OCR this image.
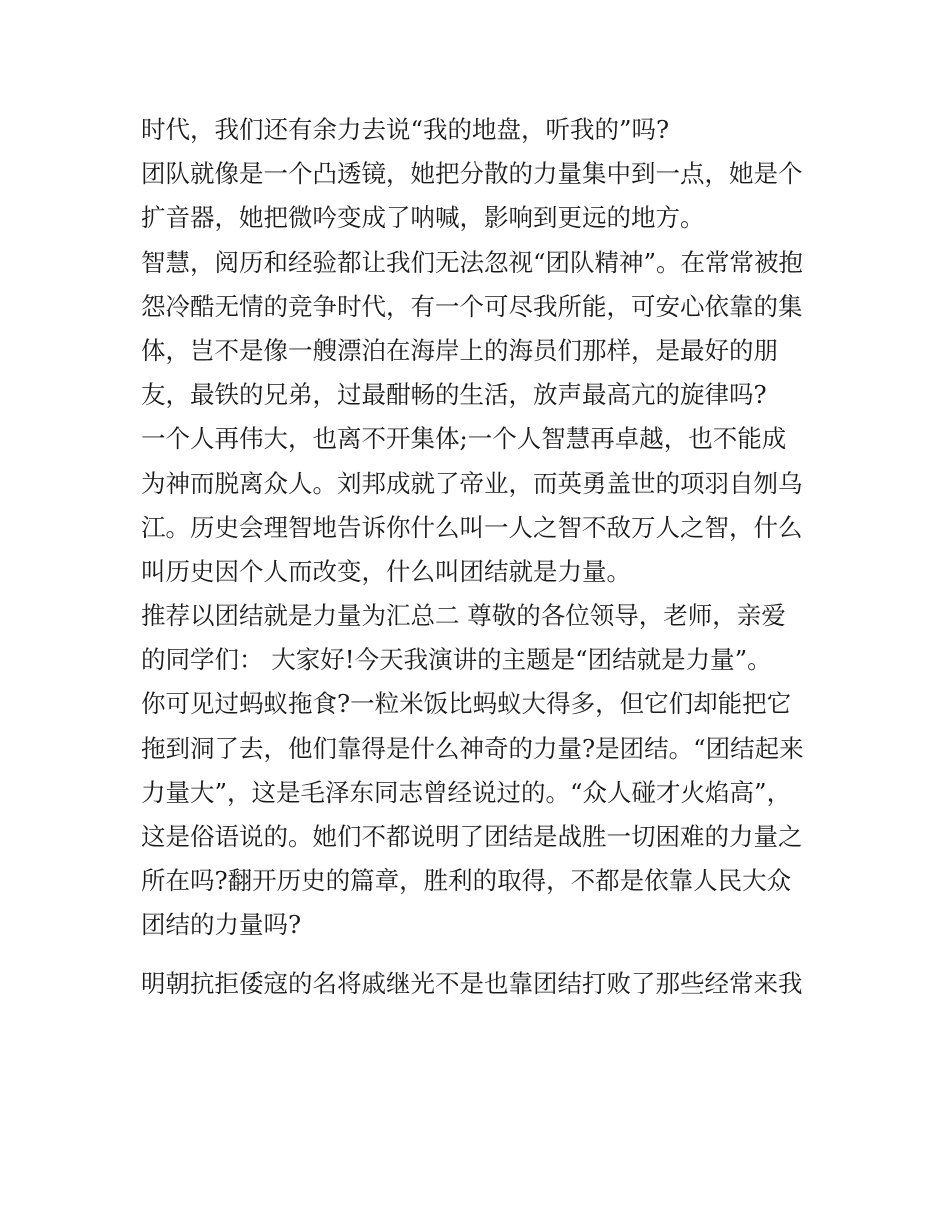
时代，我们还有余力去说“我的地盘，听我的”吗?
团队就像是一个凸透镜，她把分散的力量集中到一点，她是个
扩音器，她把微吟变成了呐喊，影响到更远的地方。
智慧，阅历和经验都让我们无法忽视“团队精神”。在常常被抱
怨冷酷无情的竞争时代，有一个可尽我所能，可安心依靠的集
体，岂不是像一艘漂泊在海岸上的海员们那样，是最好的朋
友，最铁的兄弟，过最酣畅的生活，放声最高亢的旋律吗?
一个人再伟大，也离不开集体;一个人智慧再卓越，也不能成
为神而脱离众人。刘邦成就了帝业，而英勇盖世的项羽自刎乌
江。历史会理智地告诉你什么叫一人之智不敌万人之智，什么
叫历史因个人而改变，什么叫团结就是力量。
推荐以团结就是力量为汇总二 尊敬的各位领导，老师，亲爱
的同学们： 大家好!今天我演讲的主题是“团结就是力量”。
你可见过蚂蚁拖食?一粒米饭比蚂蚁大得多，但它们却能把它
拖到洞了去，他们靠得是什么神奇的力量?是团结。“团结起来
力量大”，这是毛泽东同志曾经说过的。“众人碰才火焰高”，
这是俗语说的。她们不都说明了团结是战胜一切困难的力量之
所在吗?翻开历史的篇章，胜利的取得，不都是依靠人民大众
团结的力量吗?
明朝抗拒倭寇的名将戚继光不是也靠团结打败了那些经常来我
